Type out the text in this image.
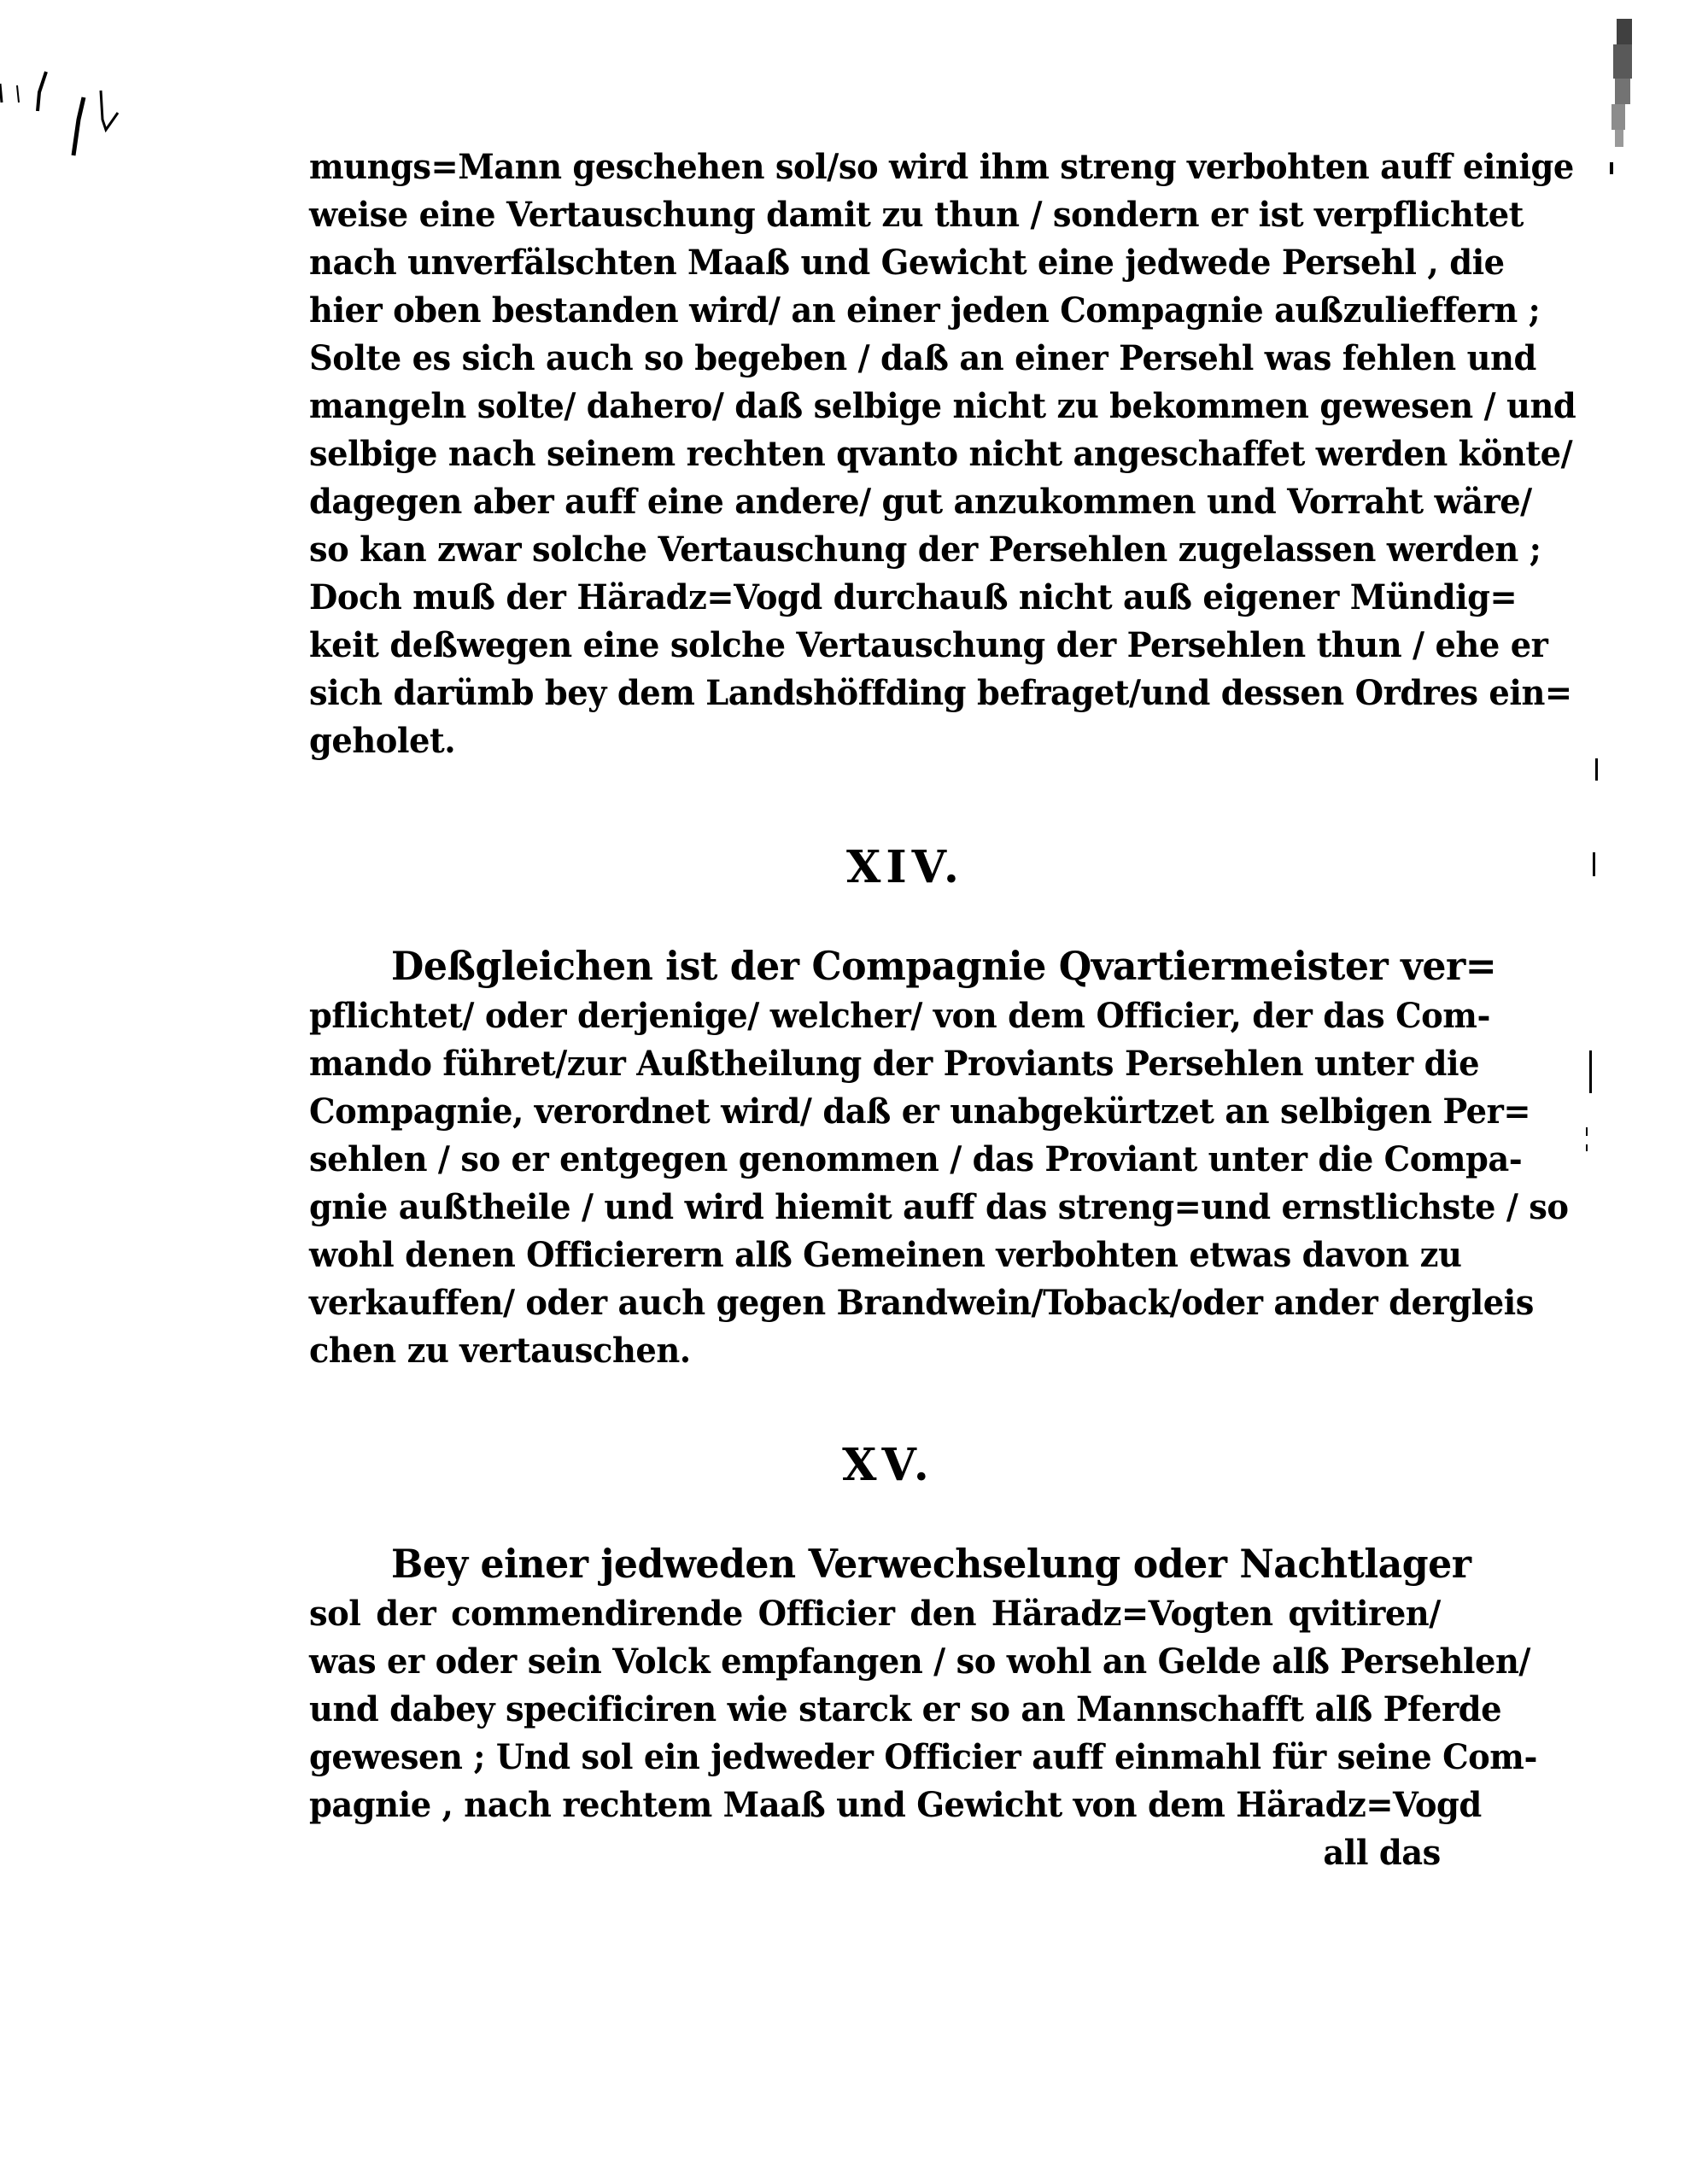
mungs=Mann geschehen sol/so wird ihm streng verbohten auff einige
weise eine Vertauschung damit zu thun / sondern er ist verpflichtet
nach unverfälschten Maaß und Gewicht eine jedwede Persehl , die
hier oben bestanden wird/ an einer jeden Compagnie außzulieffern ;
Solte es sich auch so begeben / daß an einer Persehl was fehlen und
mangeln solte/ dahero/ daß selbige nicht zu bekommen gewesen / und
selbige nach seinem rechten qvanto nicht angeschaffet werden könte/
dagegen aber auff eine andere/ gut anzukommen und Vorraht wäre/
so kan zwar solche Vertauschung der Persehlen zugelassen werden ;
Doch muß der Häradz=Vogd durchauß nicht auß eigener Mündig=
keit deßwegen eine solche Vertauschung der Persehlen thun / ehe er
sich darümb bey dem Landshöffding befraget/und dessen Ordres ein=
geholet.
XIV.
Deßgleichen ist der Compagnie Qvartiermeister ver=
pflichtet/ oder derjenige/ welcher/ von dem Officier, der das Com-
mando führet/zur Außtheilung der Proviants Persehlen unter die
Compagnie, verordnet wird/ daß er unabgekürtzet an selbigen Per=
sehlen / so er entgegen genommen / das Proviant unter die Compa-
gnie außtheile / und wird hiemit auff das streng=und ernstlichste / so
wohl denen Officierern alß Gemeinen verbohten etwas davon zu
verkauffen/ oder auch gegen Brandwein/Toback/oder ander dergleis
chen zu vertauschen.
XV.
Bey einer jedweden Verwechselung oder Nachtlager
sol der commendirende Officier den Häradz=Vogten qvitiren/
was er oder sein Volck empfangen / so wohl an Gelde alß Persehlen/
und dabey specificiren wie starck er so an Mannschafft alß Pferde
gewesen ; Und sol ein jedweder Officier auff einmahl für seine Com-
pagnie , nach rechtem Maaß und Gewicht von dem Häradz=Vogd
all das
